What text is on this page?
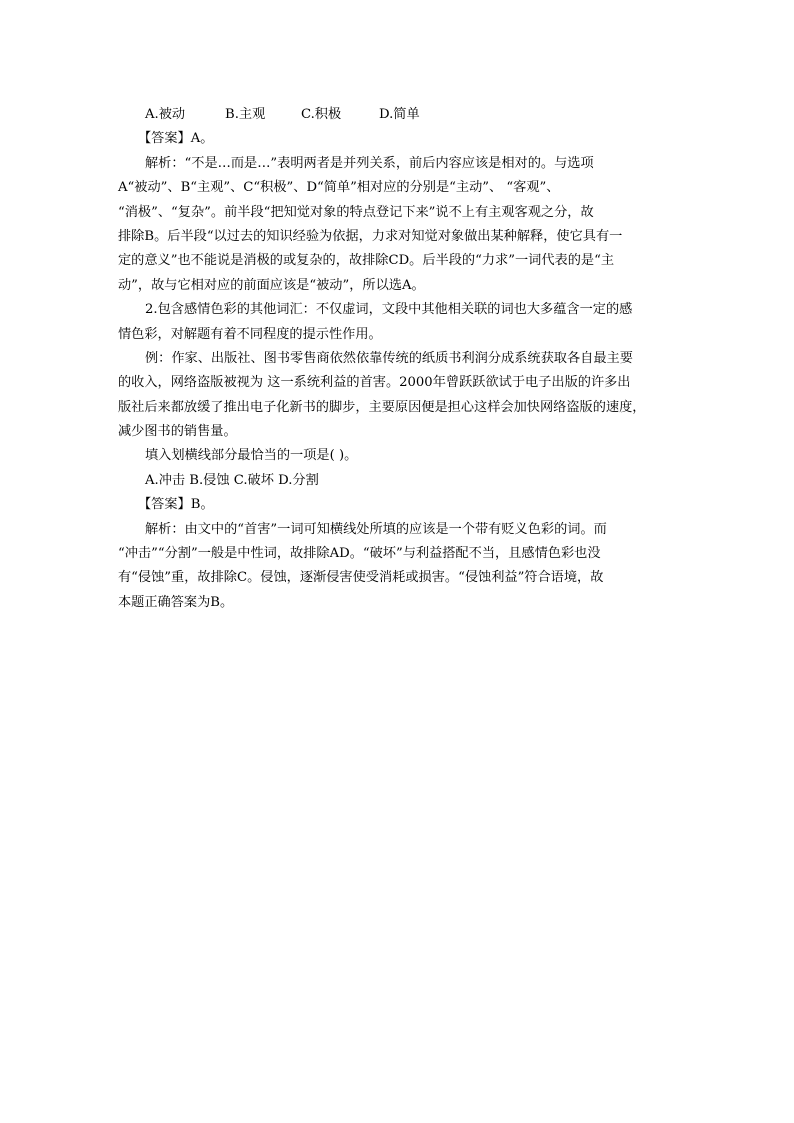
A.被动	B.主观	C.积极	D.简单
【答案】A。
解析：“不是…而是…”表明两者是并列关系，前后内容应该是相对的。与选项
A“被动”、B“主观”、C“积极”、D“简单”相对应的分别是“主动”、 “客观”、
“消极”、“复杂”。前半段“把知觉对象的特点登记下来”说不上有主观客观之分，故
排除B。后半段“以过去的知识经验为依据，力求对知觉对象做出某种解释，使它具有一
定的意义”也不能说是消极的或复杂的，故排除CD。后半段的“力求”一词代表的是“主
动”，故与它相对应的前面应该是“被动”，所以选A。
2.包含感情色彩的其他词汇：不仅虚词，文段中其他相关联的词也大多蕴含一定的感
情色彩，对解题有着不同程度的提示性作用。
例：作家、出版社、图书零售商依然依靠传统的纸质书利润分成系统获取各自最主要
的收入，网络盗版被视为 这一系统利益的首害。2000年曾跃跃欲试于电子出版的许多出
版社后来都放缓了推出电子化新书的脚步，主要原因便是担心这样会加快网络盗版的速度，
减少图书的销售量。
填入划横线部分最恰当的一项是( )。
A.冲击 B.侵蚀 C.破坏 D.分割
【答案】B。
解析：由文中的“首害”一词可知横线处所填的应该是一个带有贬义色彩的词。而
“冲击”“分割”一般是中性词，故排除AD。“破坏”与利益搭配不当，且感情色彩也没
有“侵蚀”重，故排除C。侵蚀，逐渐侵害使受消耗或损害。“侵蚀利益”符合语境，故
本题正确答案为B。
